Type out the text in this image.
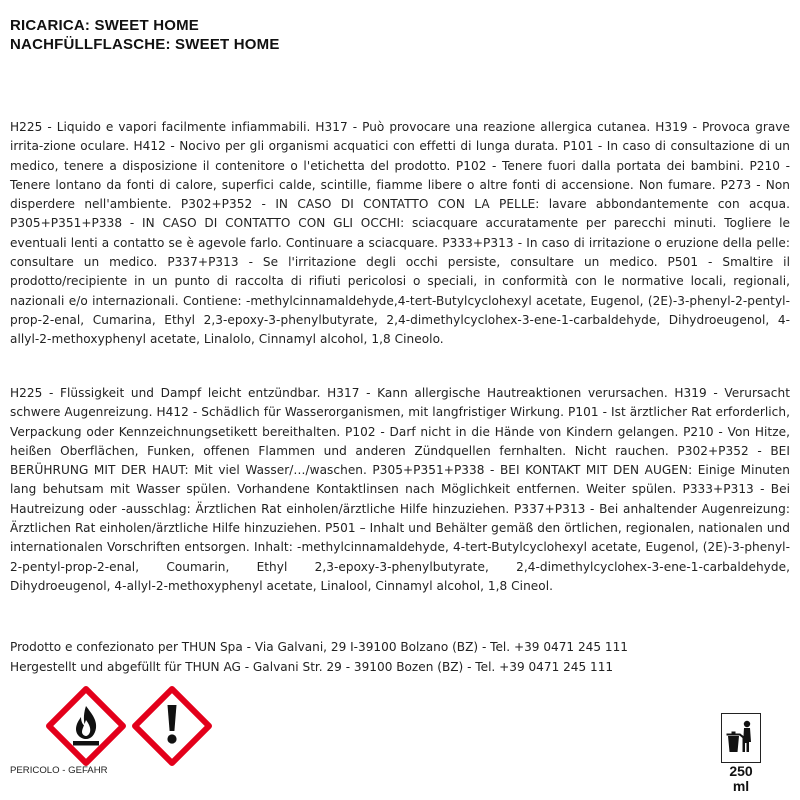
RICARICA: SWEET HOME
NACHFÜLLFLASCHE: SWEET HOME
H225 - Liquido e vapori facilmente infiammabili. H317 - Può provocare una reazione allergica cutanea. H319 - Provoca grave irrita-zione oculare. H412 - Nocivo per gli organismi acquatici con effetti di lunga durata. P101 - In caso di consultazione di un medico, tenere a disposizione il contenitore o l'etichetta del prodotto. P102 - Tenere fuori dalla portata dei bambini. P210 - Tenere lontano da fonti di calore, superfici calde, scintille, fiamme libere o altre fonti di accensione. Non fumare. P273 - Non disperdere nell'ambiente. P302+P352 - IN CASO DI CONTATTO CON LA PELLE: lavare abbondantemente con acqua. P305+P351+P338 - IN CASO DI CONTATTO CON GLI OCCHI: sciacquare accuratamente per parecchi minuti. Togliere le eventuali lenti a contatto se è agevole farlo. Continuare a sciacquare. P333+P313 - In caso di irritazione o eruzione della pelle: consultare un medico. P337+P313 - Se l'irritazione degli occhi persiste, consultare un medico. P501 - Smaltire il prodotto/recipiente in un punto di raccolta di rifiuti pericolosi o speciali, in conformità con le normative locali, regionali, nazionali e/o internazionali. Contiene: -methylcinnamaldehyde,4-tert-Butylcyclohexyl acetate, Eugenol, (2E)-3-phenyl-2-pentyl-prop-2-enal, Cumarina, Ethyl 2,3-epoxy-3-phenylbutyrate, 2,4-dimethylcyclohex-3-ene-1-carbaldehyde, Dihydroeugenol, 4-allyl-2-methoxyphenyl acetate, Linalolo, Cinnamyl alcohol, 1,8 Cineolo.
H225 - Flüssigkeit und Dampf leicht entzündbar. H317 - Kann allergische Hautreaktionen verursachen. H319 - Verursacht schwere Augenreizung. H412 - Schädlich für Wasserorganismen, mit langfristiger Wirkung. P101 - Ist ärztlicher Rat erforderlich, Verpackung oder Kennzeichnungsetikett bereithalten. P102 - Darf nicht in die Hände von Kindern gelangen. P210 - Von Hitze, heißen Oberflächen, Funken, offenen Flammen und anderen Zündquellen fernhalten. Nicht rauchen. P302+P352 - BEI BERÜHRUNG MIT DER HAUT: Mit viel Wasser/…/waschen. P305+P351+P338 - BEI KONTAKT MIT DEN AUGEN: Einige Minuten lang behutsam mit Wasser spülen. Vorhandene Kontaktlinsen nach Möglichkeit entfernen. Weiter spülen. P333+P313 - Bei Hautreizung oder -ausschlag: Ärztlichen Rat einholen/ärztliche Hilfe hinzuziehen. P337+P313 - Bei anhaltender Augenreizung: Ärztlichen Rat einholen/ärztliche Hilfe hinzuziehen. P501 – Inhalt und Behälter gemäß den örtlichen, regionalen, nationalen und internationalen Vorschriften entsorgen. Inhalt: -methylcinnamaldehyde, 4-tert-Butylcyclohexyl acetate, Eugenol, (2E)-3-phenyl-2-pentyl-prop-2-enal, Coumarin, Ethyl 2,3-epoxy-3-phenylbutyrate, 2,4-dimethylcyclohex-3-ene-1-carbaldehyde, Dihydroeugenol, 4-allyl-2-methoxyphenyl acetate, Linalool, Cinnamyl alcohol, 1,8 Cineol.
Prodotto e confezionato per THUN Spa - Via Galvani, 29 I-39100 Bolzano (BZ) - Tel. +39 0471 245 111
Hergestellt und abgefüllt für THUN AG - Galvani Str. 29 - 39100 Bozen (BZ) - Tel. +39 0471 245 111
PERICOLO - GEFAHR	250
ml
